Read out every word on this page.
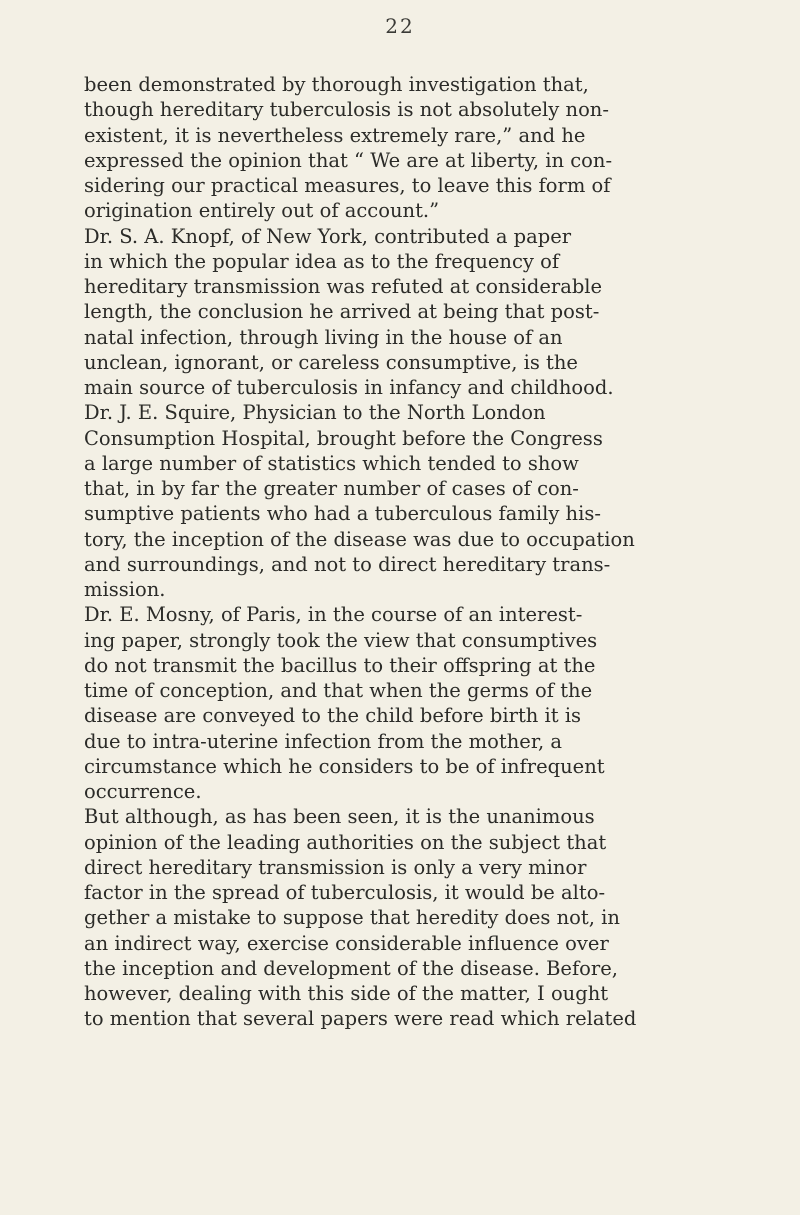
22
been demonstrated by thorough investigation that,
though hereditary tuberculosis is not absolutely non-
existent, it is nevertheless extremely rare,” and he
expressed the opinion that “ We are at liberty, in con-
sidering our practical measures, to leave this form of
origination entirely out of account.”
Dr. S. A. Knopf, of New York, contributed a paper
in which the popular idea as to the frequency of
hereditary transmission was refuted at considerable
length, the conclusion he arrived at being that post-
natal infection, through living in the house of an
unclean, ignorant, or careless consumptive, is the
main source of tuberculosis in infancy and childhood.
Dr. J. E. Squire, Physician to the North London
Consumption Hospital, brought before the Congress
a large number of statistics which tended to show
that, in by far the greater number of cases of con-
sumptive patients who had a tuberculous family his-
tory, the inception of the disease was due to occupation
and surroundings, and not to direct hereditary trans-
mission.
Dr. E. Mosny, of Paris, in the course of an interest-
ing paper, strongly took the view that consumptives
do not transmit the bacillus to their offspring at the
time of conception, and that when the germs of the
disease are conveyed to the child before birth it is
due to intra-uterine infection from the mother, a
circumstance which he considers to be of infrequent
occurrence.
But although, as has been seen, it is the unanimous
opinion of the leading authorities on the subject that
direct hereditary transmission is only a very minor
factor in the spread of tuberculosis, it would be alto-
gether a mistake to suppose that heredity does not, in
an indirect way, exercise considerable influence over
the inception and development of the disease. Before,
however, dealing with this side of the matter, I ought
to mention that several papers were read which related
